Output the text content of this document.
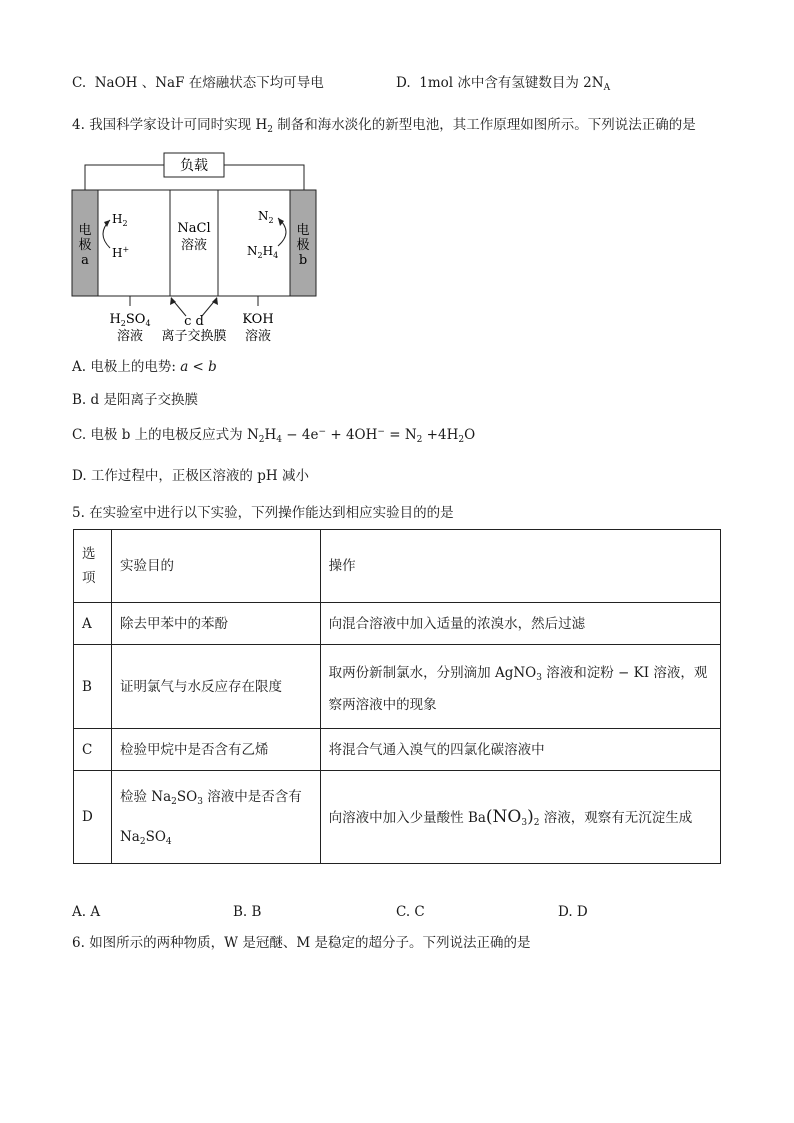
C. NaOH 、NaF 在熔融状态下均可导电	D. 1mol 冰中含有氢键数目为 $2N_A$
4. 我国科学家设计可同时实现 $H_2$ 制备和海水淡化的新型电池，其工作原理如图所示。下列说法正确的是
负载
电
极
a
电
极
b
$H_2$
H+
NaCl
溶液
$N_2$
$N_2H_4$
$H_2SO_4$
溶液
c d
离子交换膜
KOH
溶液
A. 电极上的电势: a < b
B. d 是阳离子交换膜
C. 电极 b 上的电极反应式为 $N_2H_4 - 4e^- + 4OH^- = N_2 +4H_2O$
D. 工作过程中，正极区溶液的 pH 减小
5. 在实验室中进行以下实验，下列操作能达到相应实验目的的是
选
项	实验目的	操作
A	除去甲苯中的苯酚	向混合溶液中加入适量的浓溴水，然后过滤
B	证明氯气与水反应存在限度	取两份新制氯水，分别滴加 AgNO$_3$ 溶液和淀粉 − KI 溶液，观
察两溶液中的现象

C	检验甲烷中是否含有乙烯	将混合气通入溴气的四氯化碳溶液中
D	检验 $Na_2SO_3$ 溶液中是否含有
$Na_2SO_4$	向溶液中加入少量酸性 $Ba(NO_3)_2$ 溶液，观察有无沉淀生成
A. A	B. B	C. C	D. D
6. 如图所示的两种物质，W 是冠醚、M 是稳定的超分子。下列说法正确的是
